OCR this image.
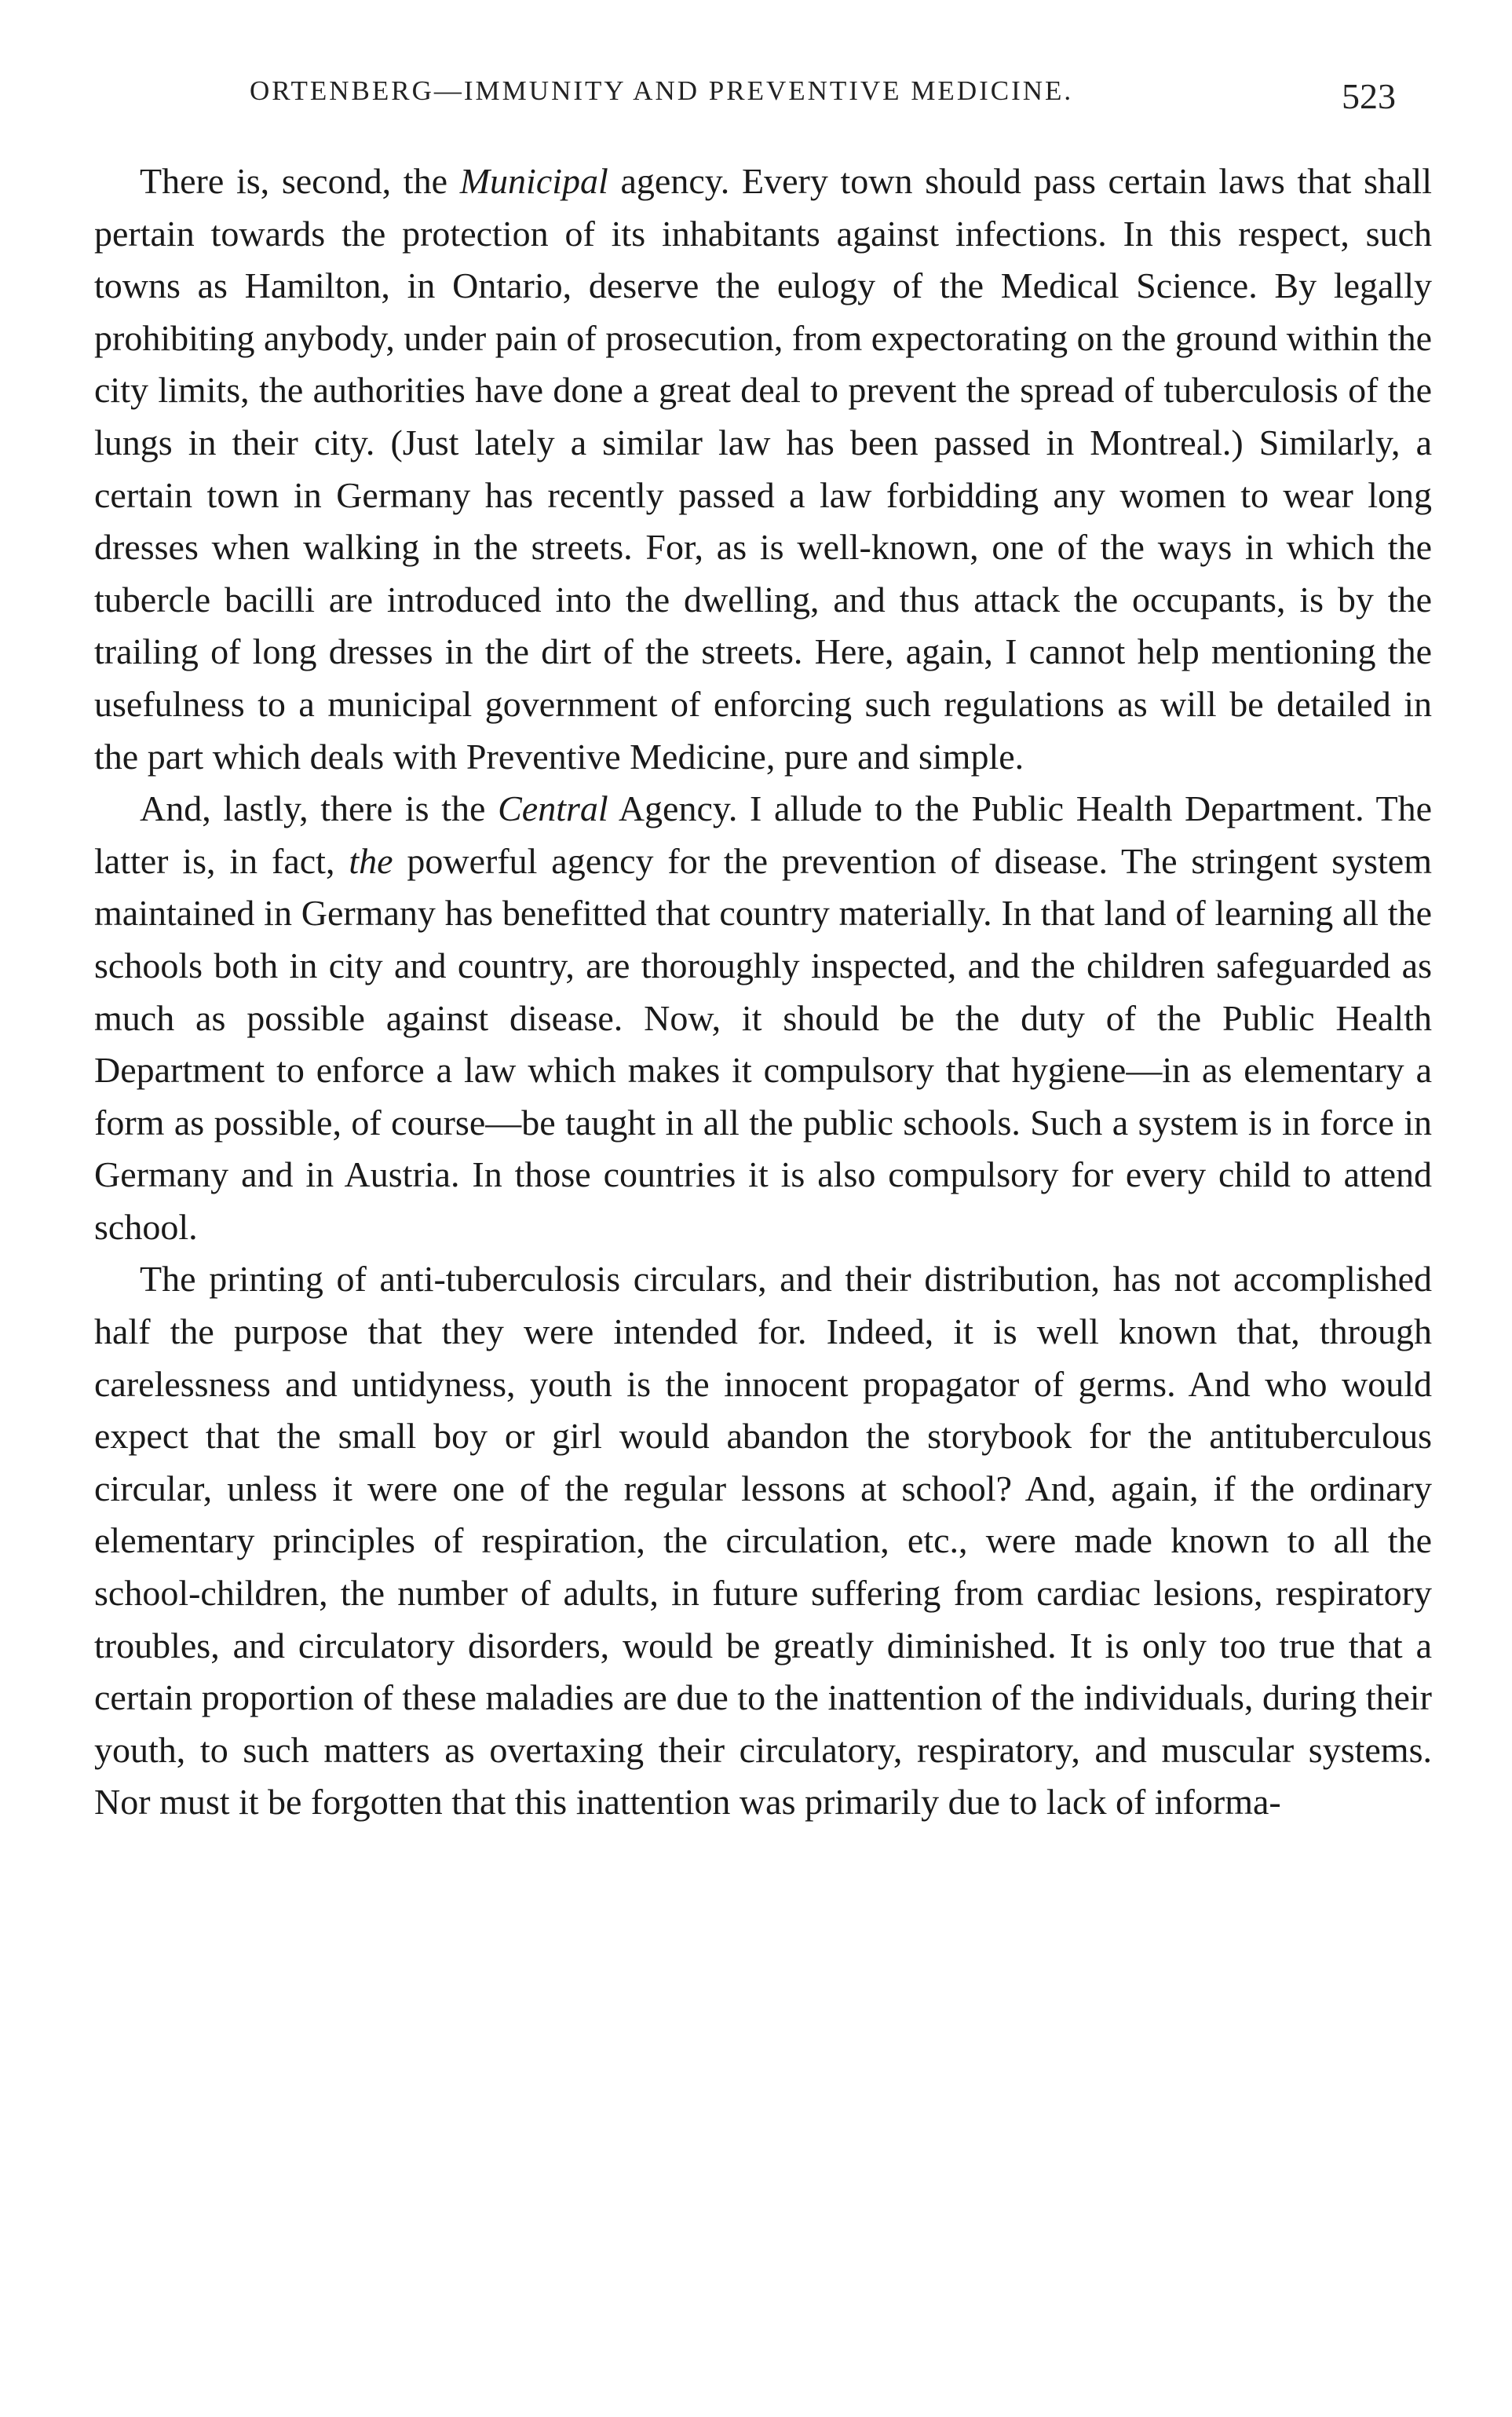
ORTENBERG—IMMUNITY AND PREVENTIVE MEDICINE.	523

There is, second, the Municipal agency. Every town should pass certain laws that shall pertain towards the protection of its inhabitants against infections. In this respect, such towns as Hamilton, in Ontario, deserve the eulogy of the Medical Science. By legally prohibiting anybody, under pain of prosecution, from expectorating on the ground within the city limits, the authorities have done a great deal to prevent the spread of tuberculosis of the lungs in their city. (Just lately a similar law has been passed in Montreal.) Similarly, a certain town in Germany has recently passed a law forbidding any women to wear long dresses when walking in the streets. For, as is well-known, one of the ways in which the tubercle bacilli are introduced into the dwelling, and thus attack the occupants, is by the trailing of long dresses in the dirt of the streets. Here, again, I cannot help mentioning the usefulness to a municipal government of enforcing such regulations as will be detailed in the part which deals with Preventive Medicine, pure and simple.

And, lastly, there is the Central Agency. I allude to the Public Health Department. The latter is, in fact, the powerful agency for the prevention of disease. The stringent system maintained in Germany has benefitted that country materially. In that land of learning all the schools both in city and country, are thoroughly inspected, and the children safeguarded as much as possible against disease. Now, it should be the duty of the Public Health Department to enforce a law which makes it compulsory that hygiene—in as elementary a form as possible, of course—be taught in all the public schools. Such a system is in force in Germany and in Austria. In those countries it is also compulsory for every child to attend school.

The printing of anti-tuberculosis circulars, and their distribution, has not accomplished half the purpose that they were intended for. Indeed, it is well known that, through carelessness and untidyness, youth is the innocent propagator of germs. And who would expect that the small boy or girl would abandon the storybook for the antituberculous circular, unless it were one of the regular lessons at school? And, again, if the ordinary elementary principles of respiration, the circulation, etc., were made known to all the school-children, the number of adults, in future suffering from cardiac lesions, respiratory troubles, and circulatory disorders, would be greatly diminished. It is only too true that a certain proportion of these maladies are due to the inattention of the individuals, during their youth, to such matters as overtaxing their circulatory, respiratory, and muscular systems. Nor must it be forgotten that this inattention was primarily due to lack of informa-
